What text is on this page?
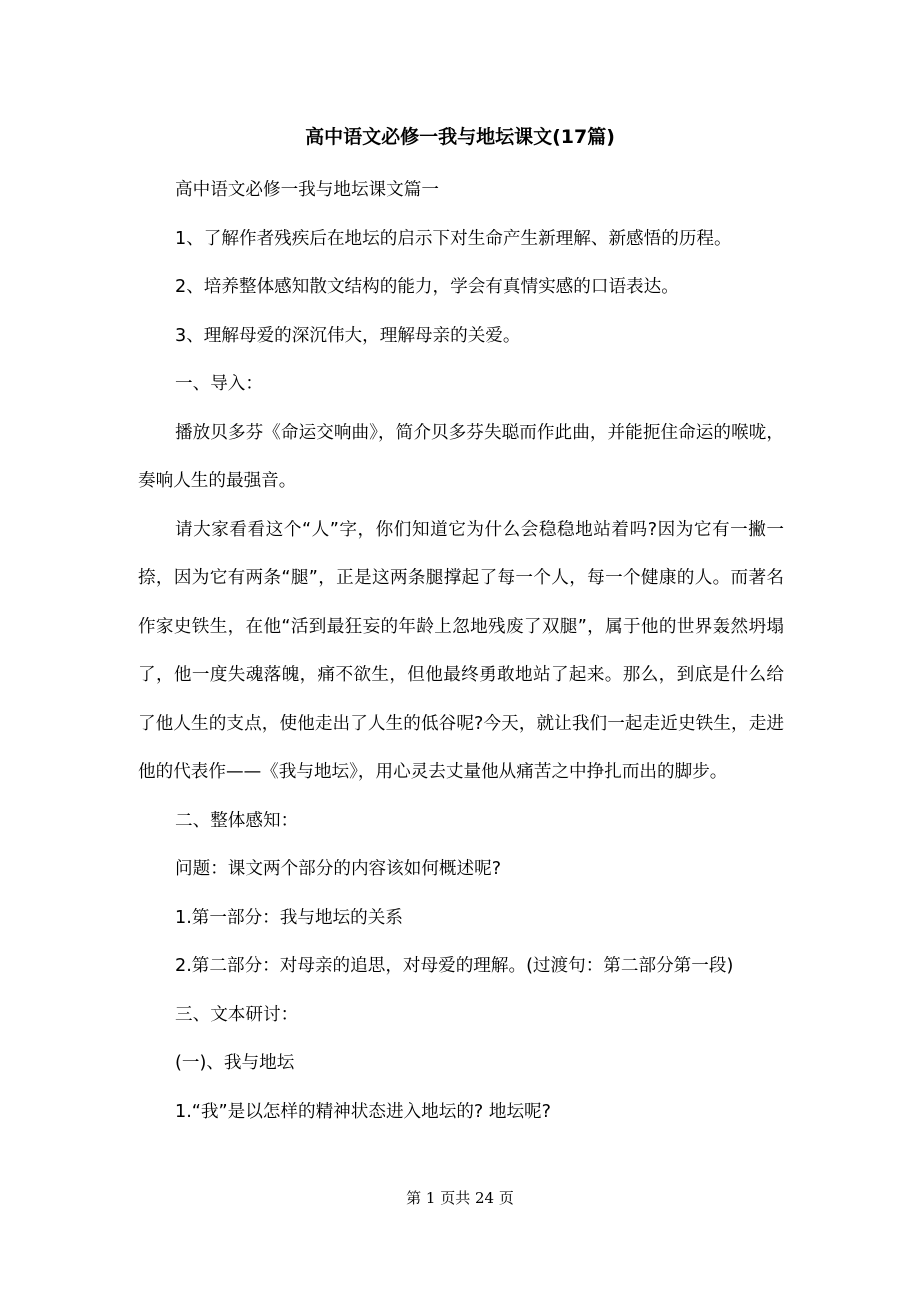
高中语文必修一我与地坛课文(17篇)

高中语文必修一我与地坛课文篇一

1、了解作者残疾后在地坛的启示下对生命产生新理解、新感悟的历程。

2、培养整体感知散文结构的能力，学会有真情实感的口语表达。

3、理解母爱的深沉伟大，理解母亲的关爱。

一、导入：

播放贝多芬《命运交响曲》，简介贝多芬失聪而作此曲，并能扼住命运的喉咙，奏响人生的最强音。

请大家看看这个“人”字，你们知道它为什么会稳稳地站着吗?因为它有一撇一捺，因为它有两条“腿”，正是这两条腿撑起了每一个人，每一个健康的人。而著名作家史铁生，在他“活到最狂妄的年龄上忽地残废了双腿”，属于他的世界轰然坍塌了，他一度失魂落魄，痛不欲生，但他最终勇敢地站了起来。那么，到底是什么给了他人生的支点，使他走出了人生的低谷呢?今天，就让我们一起走近史铁生，走进他的代表作——《我与地坛》，用心灵去丈量他从痛苦之中挣扎而出的脚步。

二、整体感知：

问题：课文两个部分的内容该如何概述呢?

1.第一部分：我与地坛的关系

2.第二部分：对母亲的追思，对母爱的理解。(过渡句：第二部分第一段)

三、文本研讨：

(一)、我与地坛

1.“我”是以怎样的精神状态进入地坛的? 地坛呢?

第 1 页共 24 页
